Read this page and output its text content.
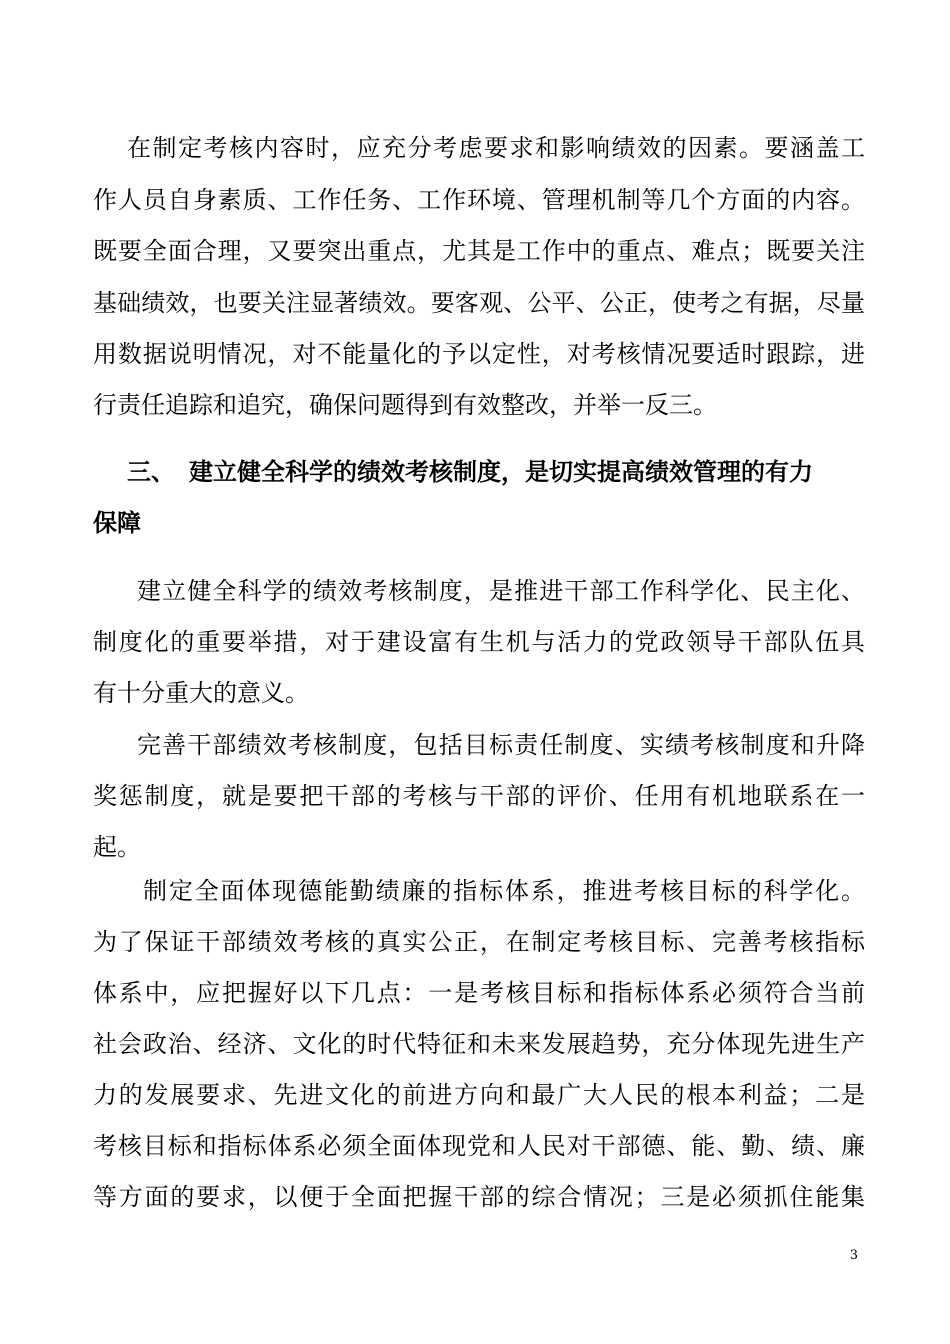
在制定考核内容时，应充分考虑要求和影响绩效的因素。要涵盖工
作人员自身素质、工作任务、工作环境、管理机制等几个方面的内容。
既要全面合理，又要突出重点，尤其是工作中的重点、难点；既要关注
基础绩效，也要关注显著绩效。要客观、公平、公正，使考之有据，尽量
用数据说明情况，对不能量化的予以定性，对考核情况要适时跟踪，进
行责任追踪和追究，确保问题得到有效整改，并举一反三。
三、 建立健全科学的绩效考核制度，是切实提高绩效管理的有力
保障
建立健全科学的绩效考核制度，是推进干部工作科学化、民主化、
制度化的重要举措，对于建设富有生机与活力的党政领导干部队伍具
有十分重大的意义。
完善干部绩效考核制度，包括目标责任制度、实绩考核制度和升降
奖惩制度，就是要把干部的考核与干部的评价、任用有机地联系在一
起。
制定全面体现德能勤绩廉的指标体系，推进考核目标的科学化。
为了保证干部绩效考核的真实公正，在制定考核目标、完善考核指标
体系中，应把握好以下几点：一是考核目标和指标体系必须符合当前
社会政治、经济、文化的时代特征和未来发展趋势，充分体现先进生产
力的发展要求、先进文化的前进方向和最广大人民的根本利益；二是
考核目标和指标体系必须全面体现党和人民对干部德、能、勤、绩、廉
等方面的要求，以便于全面把握干部的综合情况；三是必须抓住能集
3
